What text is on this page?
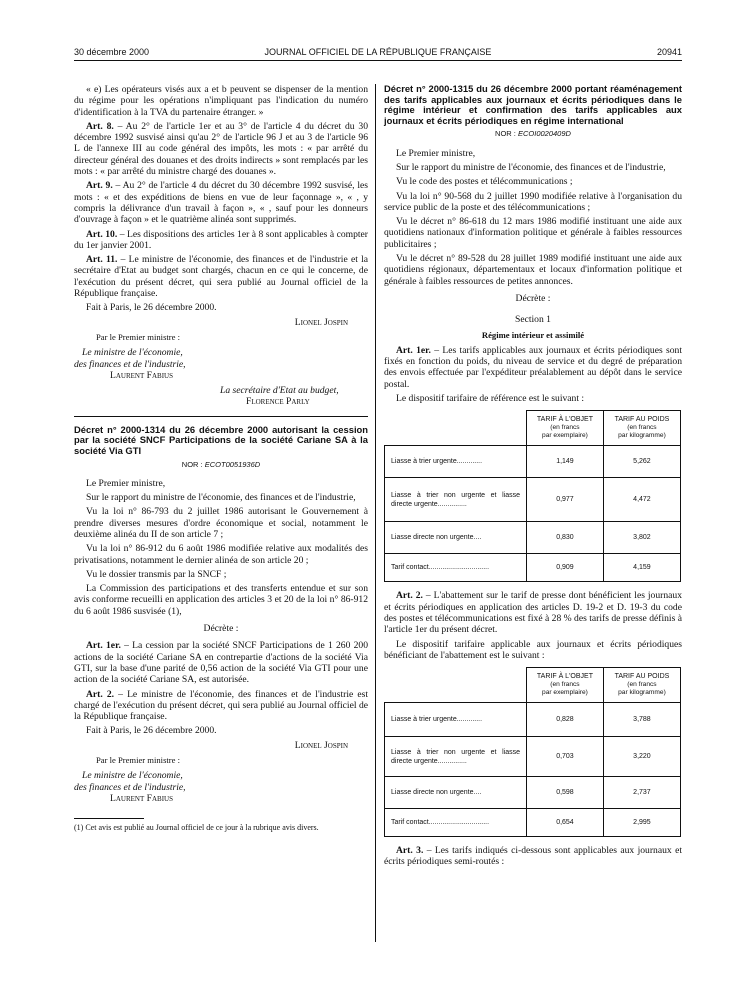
30 décembre 2000	JOURNAL OFFICIEL DE LA RÉPUBLIQUE FRANÇAISE	20941

« e) Les opérateurs visés aux a et b peuvent se dispenser de la mention du régime pour les opérations n'impliquant pas l'indication du numéro d'identification à la TVA du partenaire étranger. »

Art. 8. – Au 2° de l'article 1er et au 3° de l'article 4 du décret du 30 décembre 1992 susvisé ainsi qu'au 2° de l'article 96 J et au 3 de l'article 96 L de l'annexe III au code général des impôts, les mots : « par arrêté du directeur général des douanes et des droits indirects » sont remplacés par les mots : « par arrêté du ministre chargé des douanes ».

Art. 9. – Au 2° de l'article 4 du décret du 30 décembre 1992 susvisé, les mots : « et des expéditions de biens en vue de leur façonnage », « , y compris la délivrance d'un travail à façon », « , sauf pour les donneurs d'ouvrage à façon » et le quatrième alinéa sont supprimés.

Art. 10. – Les dispositions des articles 1er à 8 sont applicables à compter du 1er janvier 2001.

Art. 11. – Le ministre de l'économie, des finances et de l'industrie et la secrétaire d'Etat au budget sont chargés, chacun en ce qui le concerne, de l'exécution du présent décret, qui sera publié au Journal officiel de la République française.

Fait à Paris, le 26 décembre 2000.

Lionel Jospin
Par le Premier ministre :
Le ministre de l'économie,
des finances et de l'industrie,
Laurent Fabius
La secrétaire d'Etat au budget,
Florence Parly
Décret n° 2000-1314 du 26 décembre 2000 autorisant la cession par la société SNCF Participations de la société Cariane SA à la société Via GTI
NOR : ECOT0051936D

Le Premier ministre,

Sur le rapport du ministre de l'économie, des finances et de l'industrie,

Vu la loi n° 86-793 du 2 juillet 1986 autorisant le Gouvernement à prendre diverses mesures d'ordre économique et social, notamment le deuxième alinéa du II de son article 7 ;

Vu la loi n° 86-912 du 6 août 1986 modifiée relative aux modalités des privatisations, notamment le dernier alinéa de son article 20 ;

Vu le dossier transmis par la SNCF ;

La Commission des participations et des transferts entendue et sur son avis conforme recueilli en application des articles 3 et 20 de la loi n° 86-912 du 6 août 1986 susvisée (1),

Décrète :

Art. 1er. – La cession par la société SNCF Participations de 1 260 200 actions de la société Cariane SA en contrepartie d'actions de la société Via GTI, sur la base d'une parité de 0,56 action de la société Via GTI pour une action de la société Cariane SA, est autorisée.

Art. 2. – Le ministre de l'économie, des finances et de l'industrie est chargé de l'exécution du présent décret, qui sera publié au Journal officiel de la République française.

Fait à Paris, le 26 décembre 2000.

Lionel Jospin
Par le Premier ministre :
Le ministre de l'économie,
des finances et de l'industrie,
Laurent Fabius
(1) Cet avis est publié au Journal officiel de ce jour à la rubrique avis divers.
Décret n° 2000-1315 du 26 décembre 2000 portant réaménagement des tarifs applicables aux journaux et écrits périodiques dans le régime intérieur et confirmation des tarifs applicables aux journaux et écrits périodiques en régime international
NOR : ECOI0020409D

Le Premier ministre,

Sur le rapport du ministre de l'économie, des finances et de l'industrie,

Vu le code des postes et télécommunications ;

Vu la loi n° 90-568 du 2 juillet 1990 modifiée relative à l'organisation du service public de la poste et des télécommunications ;

Vu le décret n° 86-618 du 12 mars 1986 modifié instituant une aide aux quotidiens nationaux d'information politique et générale à faibles ressources publicitaires ;

Vu le décret n° 89-528 du 28 juillet 1989 modifié instituant une aide aux quotidiens régionaux, départementaux et locaux d'information politique et générale à faibles ressources de petites annonces.

Décrète :
Section 1
Régime intérieur et assimilé

Art. 1er. – Les tarifs applicables aux journaux et écrits périodiques sont fixés en fonction du poids, du niveau de service et du degré de préparation des envois effectuée par l'expéditeur préalablement au dépôt dans le service postal.

Le dispositif tarifaire de référence est le suivant :

	TARIF À L'OBJET
(en francs
par exemplaire)	TARIF AU POIDS
(en francs
par kilogramme)
Liasse à trier urgente.............	1,149	5,262
Liasse à trier non urgente et liasse directe urgente...............	0,977	4,472
Liasse directe non urgente....	0,830	3,802
Tarif contact...............................	0,909	4,159

Art. 2. – L'abattement sur le tarif de presse dont bénéficient les journaux et écrits périodiques en application des articles D. 19-2 et D. 19-3 du code des postes et télécommunications est fixé à 28 % des tarifs de presse définis à l'article 1er du présent décret.

Le dispositif tarifaire applicable aux journaux et écrits périodiques bénéficiant de l'abattement est le suivant :

	TARIF À L'OBJET
(en francs
par exemplaire)	TARIF AU POIDS
(en francs
par kilogramme)
Liasse à trier urgente.............	0,828	3,788
Liasse à trier non urgente et liasse directe urgente...............	0,703	3,220
Liasse directe non urgente....	0,598	2,737
Tarif contact...............................	0,654	2,995

Art. 3. – Les tarifs indiqués ci-dessous sont applicables aux journaux et écrits périodiques semi-routés :
